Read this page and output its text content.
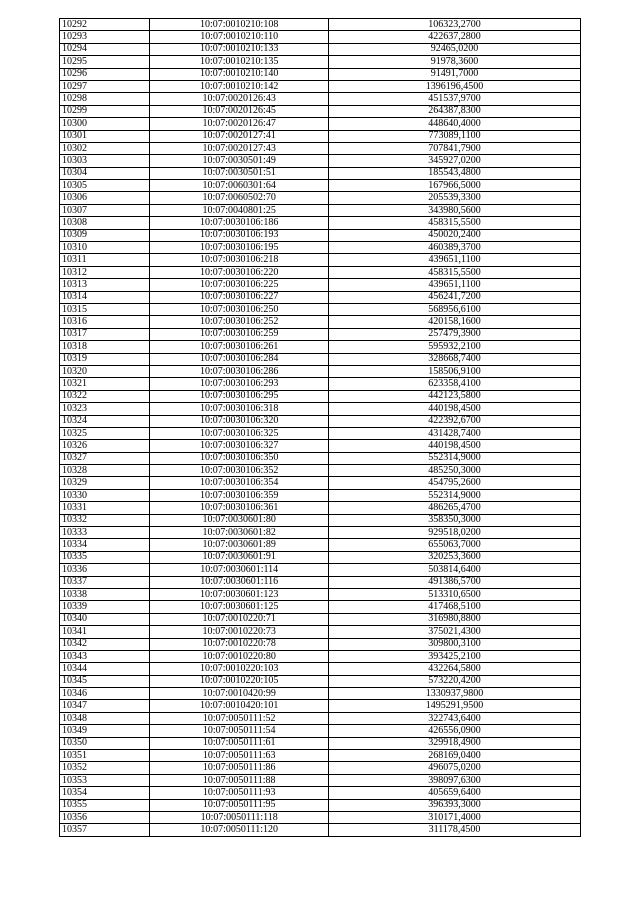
10292	10:07:0010210:108	106323,2700
10293	10:07:0010210:110	422637,2800
10294	10:07:0010210:133	92465,0200
10295	10:07:0010210:135	91978,3600
10296	10:07:0010210:140	91491,7000
10297	10:07:0010210:142	1396196,4500
10298	10:07:0020126:43	451537,9700
10299	10:07:0020126:45	264387,8300
10300	10:07:0020126:47	448640,4000
10301	10:07:0020127:41	773089,1100
10302	10:07:0020127:43	707841,7900
10303	10:07:0030501:49	345927,0200
10304	10:07:0030501:51	185543,4800
10305	10:07:0060301:64	167966,5000
10306	10:07:0060502:70	205539,3300
10307	10:07:0040801:25	343980,5600
10308	10:07:0030106:186	458315,5500
10309	10:07:0030106:193	450020,2400
10310	10:07:0030106:195	460389,3700
10311	10:07:0030106:218	439651,1100
10312	10:07:0030106:220	458315,5500
10313	10:07:0030106:225	439651,1100
10314	10:07:0030106:227	456241,7200
10315	10:07:0030106:250	568956,6100
10316	10:07:0030106:252	420158,1600
10317	10:07:0030106:259	257479,3900
10318	10:07:0030106:261	595932,2100
10319	10:07:0030106:284	328668,7400
10320	10:07:0030106:286	158506,9100
10321	10:07:0030106:293	623358,4100
10322	10:07:0030106:295	442123,5800
10323	10:07:0030106:318	440198,4500
10324	10:07:0030106:320	422392,6700
10325	10:07:0030106:325	431428,7400
10326	10:07:0030106:327	440198,4500
10327	10:07:0030106:350	552314,9000
10328	10:07:0030106:352	485250,3000
10329	10:07:0030106:354	454795,2600
10330	10:07:0030106:359	552314,9000
10331	10:07:0030106:361	486265,4700
10332	10:07:0030601:80	358350,3000
10333	10:07:0030601:82	929518,0200
10334	10:07:0030601:89	655063,7000
10335	10:07:0030601:91	320253,3600
10336	10:07:0030601:114	503814,6400
10337	10:07:0030601:116	491386,5700
10338	10:07:0030601:123	513310,6500
10339	10:07:0030601:125	417468,5100
10340	10:07:0010220:71	316980,8800
10341	10:07:0010220:73	375021,4300
10342	10:07:0010220:78	309800,3100
10343	10:07:0010220:80	393425,2100
10344	10:07:0010220:103	432264,5800
10345	10:07:0010220:105	573220,4200
10346	10:07:0010420:99	1330937,9800
10347	10:07:0010420:101	1495291,9500
10348	10:07:0050111:52	322743,6400
10349	10:07:0050111:54	426556,0900
10350	10:07:0050111:61	329918,4900
10351	10:07:0050111:63	268169,0400
10352	10:07:0050111:86	496075,0200
10353	10:07:0050111:88	398097,6300
10354	10:07:0050111:93	405659,6400
10355	10:07:0050111:95	396393,3000
10356	10:07:0050111:118	310171,4000
10357	10:07:0050111:120	311178,4500
